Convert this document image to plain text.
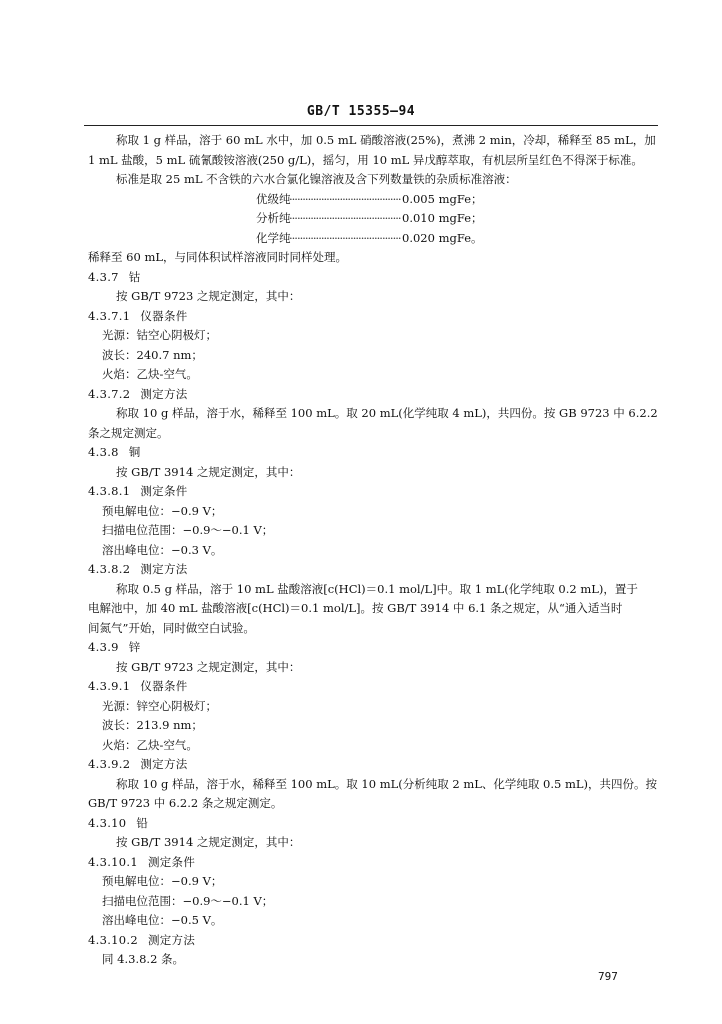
GB/T 15355—94
称取 1 g 样品，溶于 60 mL 水中，加 0.5 mL 硝酸溶液(25%)，煮沸 2 min，冷却，稀释至 85 mL，加
1 mL 盐酸，5 mL 硫氰酸铵溶液(250 g/L)，摇匀，用 10 mL 异戊醇萃取，有机层所呈红色不得深于标准。
标准是取 25 mL 不含铁的六水合氯化镍溶液及含下列数量铁的杂质标准溶液：
优级纯
·········································· 0.005 mgFe；
分析纯
·········································· 0.010 mgFe；
化学纯
·········································· 0.020 mgFe。
稀释至 60 mL，与同体积试样溶液同时同样处理。
4.3.7 钴
按 GB/T 9723 之规定测定，其中：
4.3.7.1 仪器条件
光源：钴空心阴极灯；
波长：240.7 nm；
火焰：乙炔-空气。
4.3.7.2 测定方法
称取 10 g 样品，溶于水，稀释至 100 mL。取 20 mL(化学纯取 4 mL)，共四份。按 GB 9723 中 6.2.2
条之规定测定。
4.3.8 铜
按 GB/T 3914 之规定测定，其中：
4.3.8.1 测定条件
预电解电位：−0.9 V；
扫描电位范围：−0.9～−0.1 V；
溶出峰电位：−0.3 V。
4.3.8.2 测定方法
称取 0.5 g 样品，溶于 10 mL 盐酸溶液[c(HCl)＝0.1 mol/L]中。取 1 mL(化学纯取 0.2 mL)，置于
电解池中，加 40 mL 盐酸溶液[c(HCl)＝0.1 mol/L]。按 GB/T 3914 中 6.1 条之规定，从“通入适当时
间氮气”开始，同时做空白试验。
4.3.9 锌
按 GB/T 9723 之规定测定，其中：
4.3.9.1 仪器条件
光源：锌空心阴极灯；
波长：213.9 nm；
火焰：乙炔-空气。
4.3.9.2 测定方法
称取 10 g 样品，溶于水，稀释至 100 mL。取 10 mL(分析纯取 2 mL、化学纯取 0.5 mL)，共四份。按
GB/T 9723 中 6.2.2 条之规定测定。
4.3.10 铅
按 GB/T 3914 之规定测定，其中：
4.3.10.1 测定条件
预电解电位：−0.9 V；
扫描电位范围：−0.9～−0.1 V；
溶出峰电位：−0.5 V。
4.3.10.2 测定方法
同 4.3.8.2 条。
797
